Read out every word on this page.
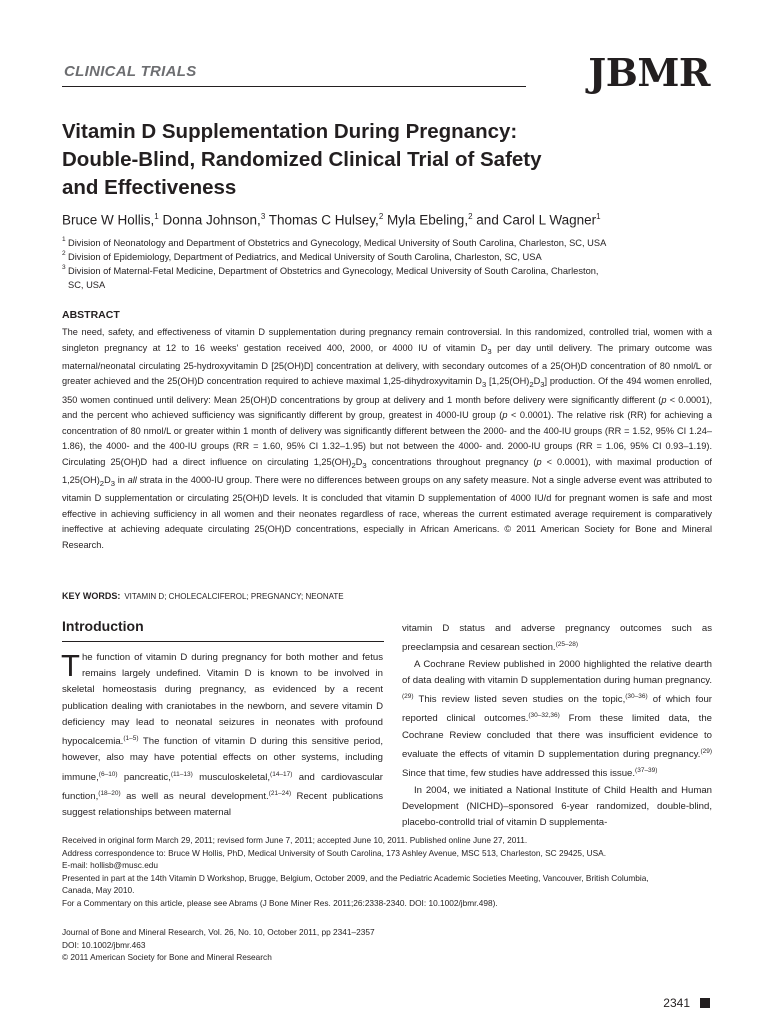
CLINICAL TRIALS	JBMR
Vitamin D Supplementation During Pregnancy:
Double-Blind, Randomized Clinical Trial of Safety
and Effectiveness
Bruce W Hollis,$^1$ Donna Johnson,$^3$ Thomas C Hulsey,$^2$ Myla Ebeling,$^2$ and Carol L Wagner$^1$
1 Division of Neonatology and Department of Obstetrics and Gynecology, Medical University of South Carolina, Charleston, SC, USA
2 Division of Epidemiology, Department of Pediatrics, and Medical University of South Carolina, Charleston, SC, USA
3 Division of Maternal-Fetal Medicine, Department of Obstetrics and Gynecology, Medical University of South Carolina, Charleston,
SC, USA
ABSTRACT

The need, safety, and effectiveness of vitamin D supplementation during pregnancy remain controversial. In this randomized, controlled trial, women with a singleton pregnancy at 12 to 16 weeks' gestation received 400, 2000, or 4000 IU of vitamin $D_3$ per day until delivery. The primary outcome was maternal/neonatal circulating 25-hydroxyvitamin D [25(OH)D] concentration at delivery, with secondary outcomes of a 25(OH)D concentration of 80 nmol/L or greater achieved and the 25(OH)D concentration required to achieve maximal 1,25-dihydroxyvitamin $D_3$ $[1,25(OH)_2D_3]$ production. Of the 494 women enrolled, 350 women continued until delivery: Mean 25(OH)D concentrations by group at delivery and 1 month before delivery were significantly different (p < 0.0001), and the percent who achieved sufficiency was significantly different by group, greatest in 4000-IU group (p < 0.0001). The relative risk (RR) for achieving a concentration of 80 nmol/L or greater within 1 month of delivery was significantly different between the 2000- and the 400-IU groups (RR = 1.52, 95% CI 1.24–1.86), the 4000- and the 400-IU groups (RR = 1.60, 95% CI 1.32–1.95) but not between the 4000- and. 2000-IU groups (RR = 1.06, 95% CI 0.93–1.19). Circulating 25(OH)D had a direct influence on circulating $1,25(OH)_2D_3$ concentrations throughout pregnancy (p < 0.0001), with maximal production of $1,25(OH)_2D_3$ in all strata in the 4000-IU group. There were no differences between groups on any safety measure. Not a single adverse event was attributed to vitamin D supplementation or circulating 25(OH)D levels. It is concluded that vitamin D supplementation of 4000 IU/d for pregnant women is safe and most effective in achieving sufficiency in all women and their neonates regardless of race, whereas the current estimated average requirement is comparatively ineffective at achieving adequate circulating 25(OH)D concentrations, especially in African Americans. © 2011 American Society for Bone and Mineral Research.

KEY WORDS: VITAMIN D; CHOLECALCIFEROL; PREGNANCY; NEONATE
Introduction

The function of vitamin D during pregnancy for both mother and fetus remains largely undefined. Vitamin D is known to be involved in skeletal homeostasis during pregnancy, as evidenced by a recent publication dealing with craniotabes in the newborn, and severe vitamin D deficiency may lead to neonatal seizures in neonates with profound hypocalcemia.$^{(1-5)}$ The function of vitamin D during this sensitive period, however, also may have potential effects on other systems, including immune,$^{(6-10)}$ pancreatic,$^{(11-13)}$ musculoskeletal,$^{(14-17)}$ and cardiovascular function,$^{(18-20)}$ as well as neural development.$^{(21-24)}$ Recent publications suggest relationships between maternal

vitamin D status and adverse pregnancy outcomes such as preeclampsia and cesarean section.$^{(25-28)}$

A Cochrane Review published in 2000 highlighted the relative dearth of data dealing with vitamin D supplementation during human pregnancy.$^{(29)}$ This review listed seven studies on the topic,$^{(30-36)}$ of which four reported clinical outcomes.$^{(30-32,36)}$ From these limited data, the Cochrane Review concluded that there was insufficient evidence to evaluate the effects of vitamin D supplementation during pregnancy.$^{(29)}$ Since that time, few studies have addressed this issue.$^{(37-39)}$

In 2004, we initiated a National Institute of Child Health and Human Development (NICHD)–sponsored 6-year randomized, double-blind, placebo-controlld trial of vitamin D supplementa-

Received in original form March 29, 2011; revised form June 7, 2011; accepted June 10, 2011. Published online June 27, 2011.
Address correspondence to: Bruce W Hollis, PhD, Medical University of South Carolina, 173 Ashley Avenue, MSC 513, Charleston, SC 29425, USA.
E-mail: hollisb@musc.edu
Presented in part at the 14th Vitamin D Workshop, Brugge, Belgium, October 2009, and the Pediatric Academic Societies Meeting, Vancouver, British Columbia,
Canada, May 2010.
For a Commentary on this article, please see Abrams (J Bone Miner Res. 2011;26:2338-2340. DOI: 10.1002/jbmr.498).
Journal of Bone and Mineral Research, Vol. 26, No. 10, October 2011, pp 2341–2357
DOI: 10.1002/jbmr.463
© 2011 American Society for Bone and Mineral Research
2341
